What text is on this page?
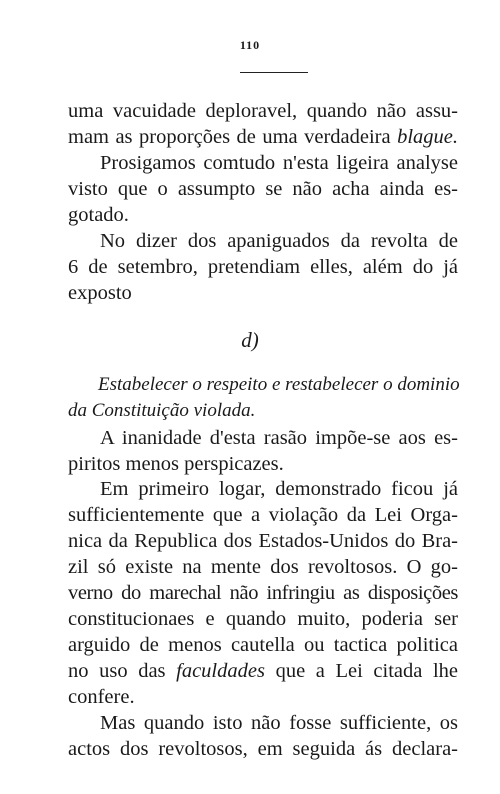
110
uma vacuidade deploravel, quando não assu-
mam as proporções de uma verdadeira blague.
Prosigamos comtudo n'esta ligeira analyse
visto que o assumpto se não acha ainda es-
gotado.
No dizer dos apaniguados da revolta de
6 de setembro, pretendiam elles, além do já
exposto
d)
Estabelecer o respeito e restabelecer o dominio
da Constituição violada.
A inanidade d'esta rasão impõe-se aos es-
piritos menos perspicazes.
Em primeiro logar, demonstrado ficou já
sufficientemente que a violação da Lei Orga-
nica da Republica dos Estados-Unidos do Bra-
zil só existe na mente dos revoltosos. O go-
verno do marechal não infringiu as disposições
constitucionaes e quando muito, poderia ser
arguido de menos cautella ou tactica politica
no uso das faculdades que a Lei citada lhe
confere.
Mas quando isto não fosse sufficiente, os
actos dos revoltosos, em seguida ás declara-
